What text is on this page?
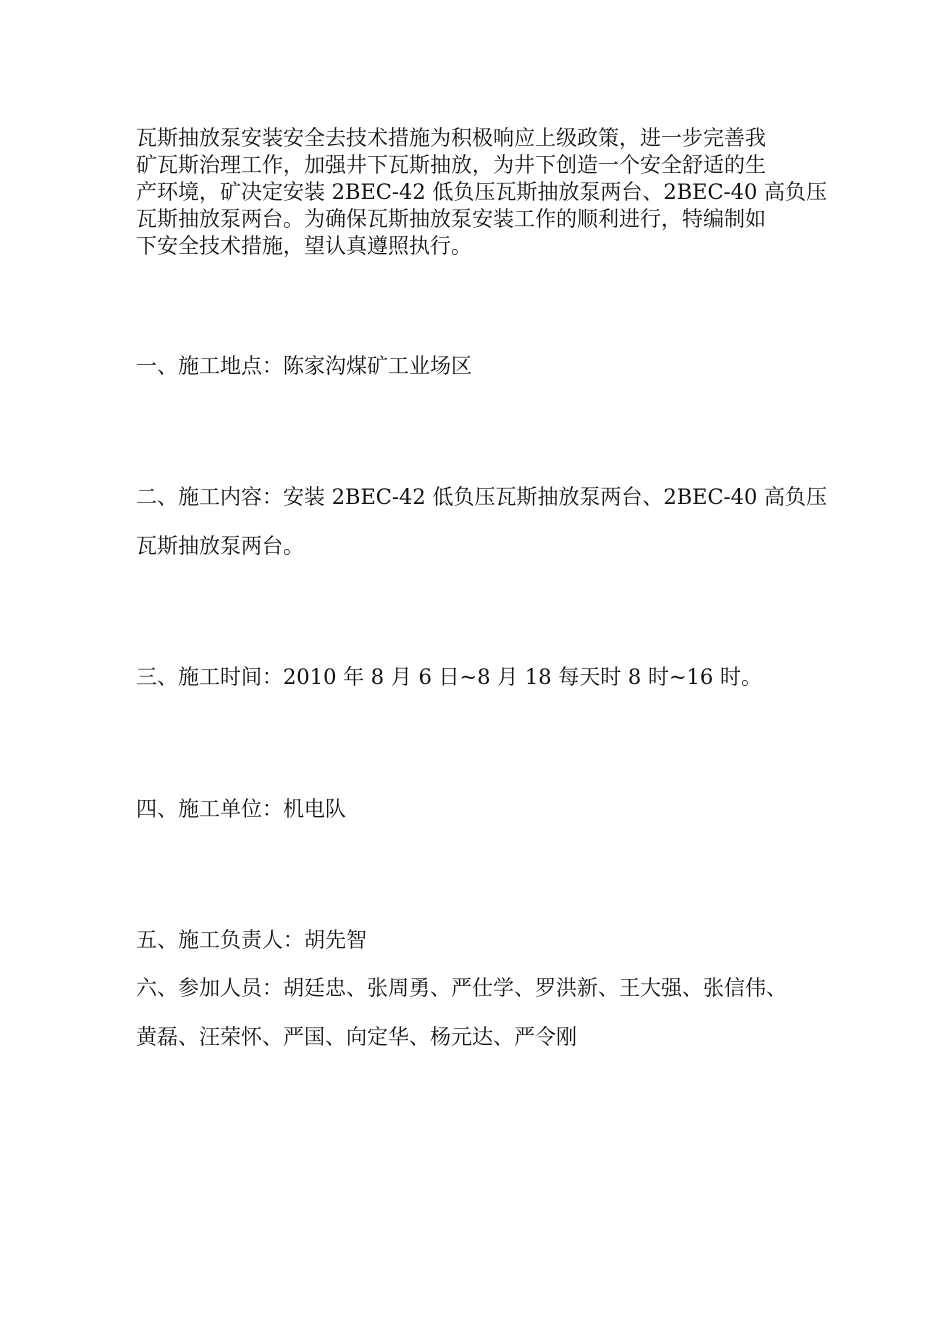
瓦斯抽放泵安装安全去技术措施为积极响应上级政策，进一步完善我
矿瓦斯治理工作，加强井下瓦斯抽放，为井下创造一个安全舒适的生
产环境，矿决定安装 2BEC-42 低负压瓦斯抽放泵两台、2BEC-40 高负压
瓦斯抽放泵两台。为确保瓦斯抽放泵安装工作的顺利进行，特编制如
下安全技术措施，望认真遵照执行。

一、施工地点：陈家沟煤矿工业场区

二、施工内容：安装 2BEC-42 低负压瓦斯抽放泵两台、2BEC-40 高负压

瓦斯抽放泵两台。

三、施工时间：2010 年 8 月 6 日~8 月 18 每天时 8 时~16 时。

四、施工单位：机电队

五、施工负责人：胡先智

六、参加人员：胡廷忠、张周勇、严仕学、罗洪新、王大强、张信伟、

黄磊、汪荣怀、严国、向定华、杨元达、严令刚
